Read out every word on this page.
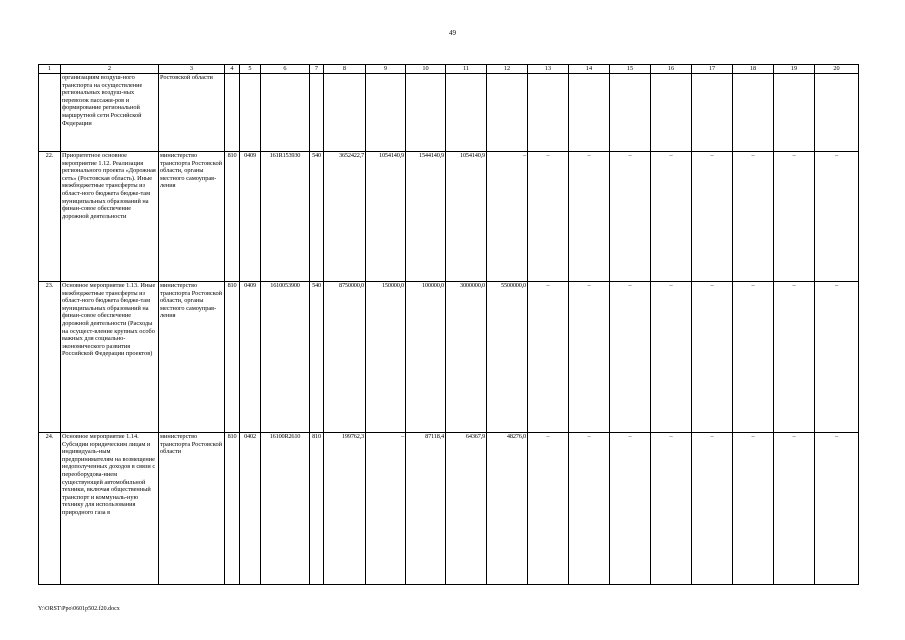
49
1	2	3	4	5	6	7	8	9	10	11	12	13	14	15	16	17	18	19	20
	организациям воздуш-ного транспорта на осуществление региональных воздуш-ных перевозок пассажи-ров и формирование региональной маршрутной сети Российской Федерации	Ростовской области																	
22.	Приоритетное основное мероприятие 1.12. Реализация регионального проекта «Дорожная сеть» (Ростовская область). Иные межбюджетные трансферты из област-ного бюджета бюдже-там муниципальных образований на финан-совое обеспечение дорожной деятельности	министерство транспорта Ростовской области, органы местного самоуправ-ления	810	0409	161R153930	540	3652422,7	1054140,9	1544140,9	1054140,9	–	–	–	–	–	–	–	–	–
23.	Основное мероприятие 1.13. Иные межбюджетные трансферты из област-ного бюджета бюдже-там муниципальных образований на финан-совое обеспечение дорожной деятельности (Расходы на осущест-вление крупных особо важных для социально-экономического развития Российской Федерации проектов)	министерство транспорта Ростовской области, органы местного самоуправ-ления	810	0409	1610053900	540	8750000,0	150000,0	100000,0	3000000,0	5500000,0	–	–	–	–	–	–	–	–
24.	Основное мероприятие 1.14. Субсидии юридическим лицам и индивидуаль-ным предпринимателям на возмещение недополученных доходов в связи с переоборудова-нием существующей автомобильной техники, включая общественный транспорт и коммуналь-ную технику для использования природного газа в	министерство транспорта Ростовской области	810	0402	16100R2610	810	199762,3	–	87118,4	64367,9	48276,0	–	–	–	–	–	–	–	–
Y:\ORST\Ppo\0601p502.f20.docx
